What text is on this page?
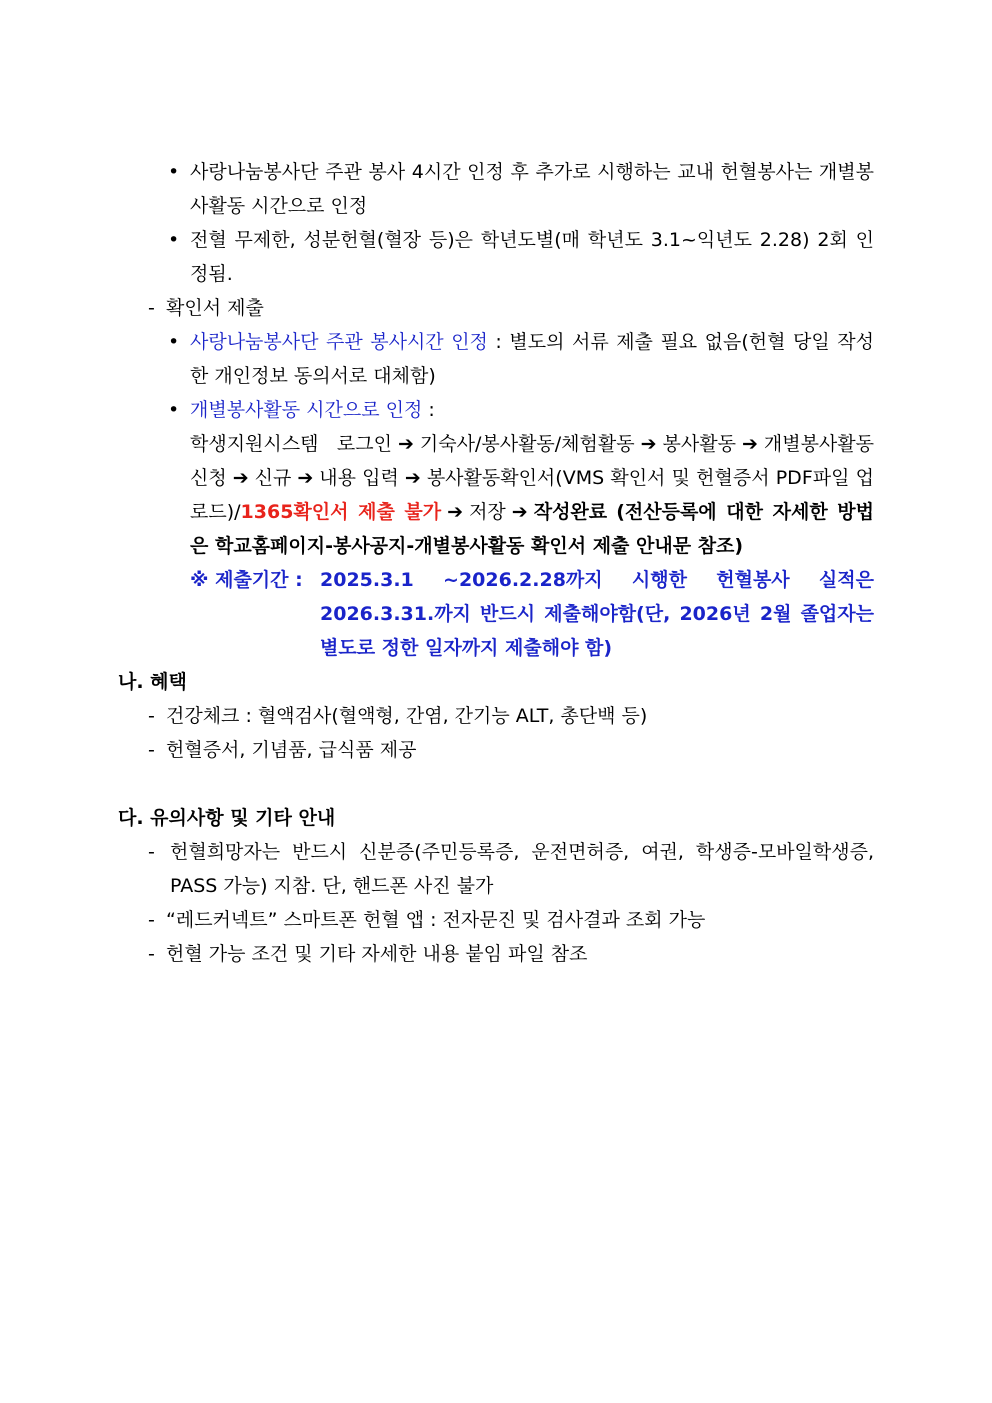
• 사랑나눔봉사단 주관 봉사 4시간 인정 후 추가로 시행하는 교내 헌혈봉사는 개별봉사활동 시간으로 인정
• 전혈 무제한, 성분헌혈(혈장 등)은 학년도별(매 학년도 3.1~익년도 2.28) 2회 인정됨.
- 확인서 제출
• 사랑나눔봉사단 주관 봉사시간 인정 : 별도의 서류 제출 필요 없음(헌혈 당일 작성한 개인정보 동의서로 대체함)
• 개별봉사활동 시간으로 인정 :
학생지원시스템 로그인 ➔ 기숙사/봉사활동/체험활동 ➔ 봉사활동 ➔ 개별봉사활동신청 ➔ 신규 ➔ 내용 입력 ➔ 봉사활동확인서(VMS 확인서 및 헌혈증서 PDF파일 업로드)/1365확인서 제출 불가 ➔ 저장 ➔ 작성완료 (전산등록에 대한 자세한 방법은 학교홈페이지-봉사공지-개별봉사활동 확인서 제출 안내문 참조)
※ 제출기간 : 2025.3.1 ~2026.2.28까지 시행한 헌혈봉사 실적은 2026.3.31.까지 반드시 제출해야함(단, 2026년 2월 졸업자는 별도로 정한 일자까지 제출해야 함)
나. 혜택
- 건강체크 : 혈액검사(혈액형, 간염, 간기능 ALT, 총단백 등)
- 헌혈증서, 기념품, 급식품 제공
다. 유의사항 및 기타 안내
- 헌혈희망자는 반드시 신분증(주민등록증, 운전면허증, 여권, 학생증-모바일학생증, PASS 가능) 지참. 단, 핸드폰 사진 불가
- “레드커넥트” 스마트폰 헌혈 앱 : 전자문진 및 검사결과 조회 가능
- 헌혈 가능 조건 및 기타 자세한 내용 붙임 파일 참조
